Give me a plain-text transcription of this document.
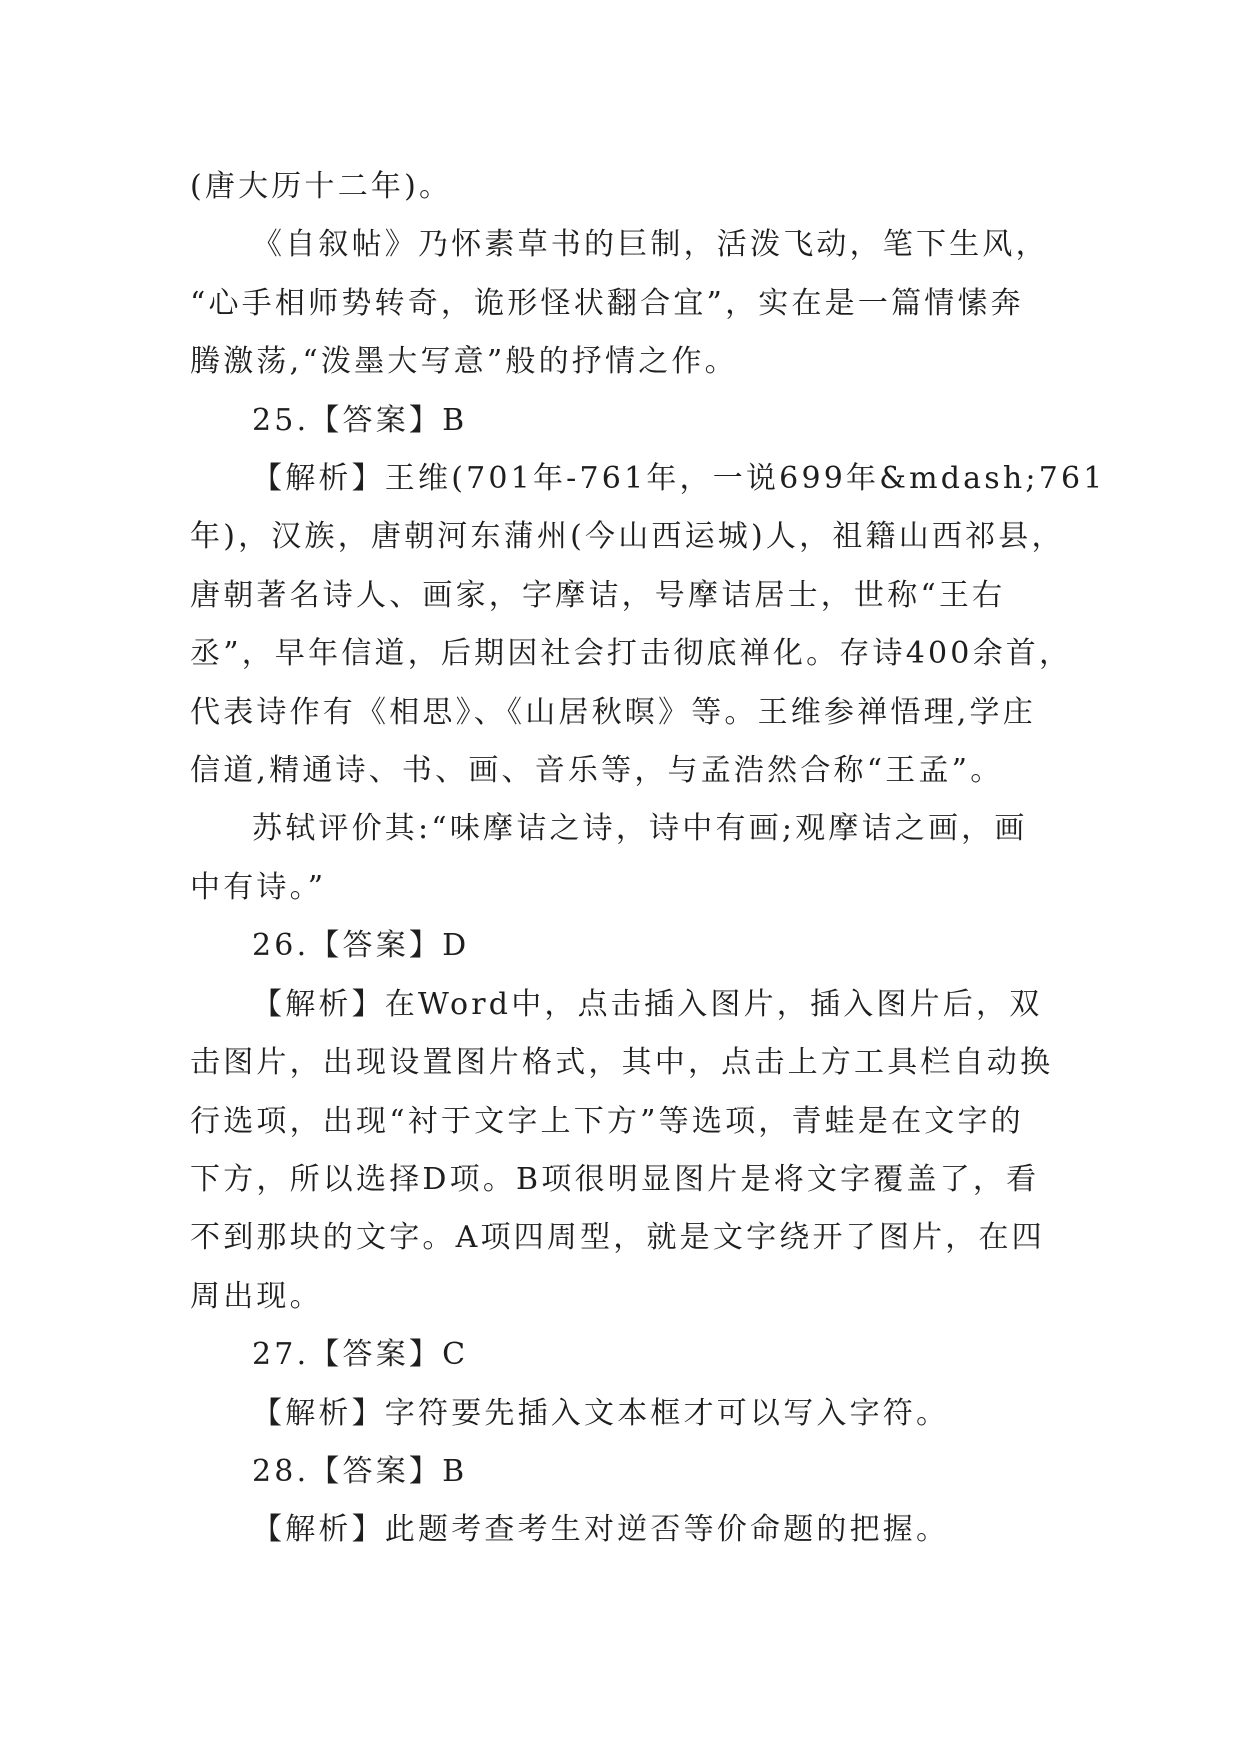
(唐大历十二年)。

《自叙帖》乃怀素草书的巨制，活泼飞动，笔下生风，
“心手相师势转奇，诡形怪状翻合宜”，实在是一篇情愫奔
腾激荡,“泼墨大写意”般的抒情之作。

25.【答案】B

【解析】王维(701年-761年，一说699年&mdash;761
年)，汉族，唐朝河东蒲州(今山西运城)人，祖籍山西祁县，
唐朝著名诗人、画家，字摩诘，号摩诘居士，世称“王右
丞”，早年信道，后期因社会打击彻底禅化。存诗400余首，
代表诗作有《相思》、《山居秋暝》等。王维参禅悟理,学庄
信道,精通诗、书、画、音乐等，与孟浩然合称“王孟”。

苏轼评价其:“味摩诘之诗，诗中有画;观摩诘之画，画
中有诗。”

26.【答案】D

【解析】在Word中，点击插入图片，插入图片后，双
击图片，出现设置图片格式，其中，点击上方工具栏自动换
行选项，出现“衬于文字上下方”等选项，青蛙是在文字的
下方，所以选择D项。B项很明显图片是将文字覆盖了，看
不到那块的文字。A项四周型，就是文字绕开了图片，在四
周出现。

27.【答案】C

【解析】字符要先插入文本框才可以写入字符。

28.【答案】B

【解析】此题考查考生对逆否等价命题的把握。
